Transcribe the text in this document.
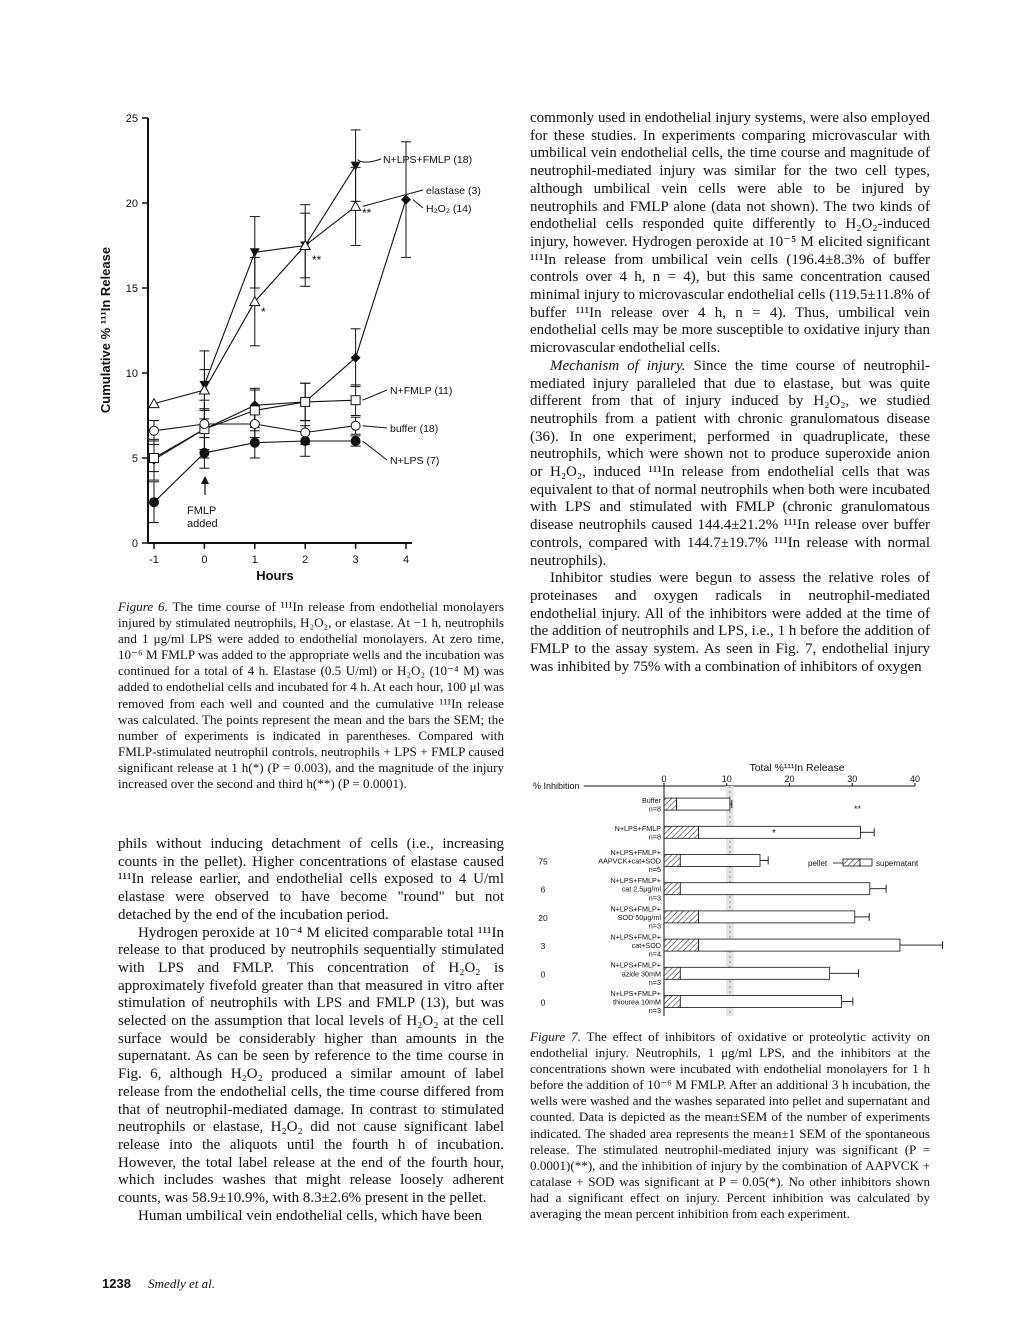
0
5
10
15
20
25
-1	0	1	2	3	4
Cumulative % ¹¹¹In Release
Hours
N+LPS+FMLP (18)
elastase (3)
H₂O₂ (14)
N+FMLP (11)
buffer (18)
N+LPS (7)
FMLP
added
*
**
**
Figure 6. The time course of ¹¹¹In release from endothelial monolayers injured by stimulated neutrophils, H₂O₂, or elastase. At −1 h, neutrophils and 1 μg/ml LPS were added to endothelial monolayers. At zero time, 10⁻⁶ M FMLP was added to the appropriate wells and the incubation was continued for a total of 4 h. Elastase (0.5 U/ml) or H₂O₂ (10⁻⁴ M) was added to endothelial cells and incubated for 4 h. At each hour, 100 μl was removed from each well and counted and the cumulative ¹¹¹In release was calculated. The points represent the mean and the bars the SEM; the number of experiments is indicated in parentheses. Compared with FMLP-stimulated neutrophil controls, neutrophils + LPS + FMLP caused significant release at 1 h(*) (P = 0.003), and the magnitude of the injury increased over the second and third h(**) (P = 0.0001).

phils without inducing detachment of cells (i.e., increasing counts in the pellet). Higher concentrations of elastase caused ¹¹¹In release earlier, and endothelial cells exposed to 4 U/ml elastase were observed to have become "round" but not detached by the end of the incubation period.

Hydrogen peroxide at 10⁻⁴ M elicited comparable total ¹¹¹In release to that produced by neutrophils sequentially stimulated with LPS and FMLP. This concentration of H₂O₂ is approximately fivefold greater than that measured in vitro after stimulation of neutrophils with LPS and FMLP (13), but was selected on the assumption that local levels of H₂O₂ at the cell surface would be considerably higher than amounts in the supernatant. As can be seen by reference to the time course in Fig. 6, although H₂O₂ produced a similar amount of label release from the endothelial cells, the time course differed from that of neutrophil-mediated damage. In contrast to stimulated neutrophils or elastase, H₂O₂ did not cause significant label release into the aliquots until the fourth h of incubation. However, the total label release at the end of the fourth hour, which includes washes that might release loosely adherent counts, was 58.9±10.9%, with 8.3±2.6% present in the pellet.

Human umbilical vein endothelial cells, which have been

commonly used in endothelial injury systems, were also employed for these studies. In experiments comparing microvascular with umbilical vein endothelial cells, the time course and magnitude of neutrophil-mediated injury was similar for the two cell types, although umbilical vein cells were able to be injured by neutrophils and FMLP alone (data not shown). The two kinds of endothelial cells responded quite differently to H₂O₂-induced injury, however. Hydrogen peroxide at 10⁻⁵ M elicited significant ¹¹¹In release from umbilical vein cells (196.4±8.3% of buffer controls over 4 h, n = 4), but this same concentration caused minimal injury to microvascular endothelial cells (119.5±11.8% of buffer ¹¹¹In release over 4 h, n = 4). Thus, umbilical vein endothelial cells may be more susceptible to oxidative injury than microvascular endothelial cells.

Mechanism of injury. Since the time course of neutrophil-mediated injury paralleled that due to elastase, but was quite different from that of injury induced by H₂O₂, we studied neutrophils from a patient with chronic granulomatous disease (36). In one experiment, performed in quadruplicate, these neutrophils, which were shown not to produce superoxide anion or H₂O₂, induced ¹¹¹In release from endothelial cells that was equivalent to that of normal neutrophils when both were incubated with LPS and stimulated with FMLP (chronic granulomatous disease neutrophils caused 144.4±21.2% ¹¹¹In release over buffer controls, compared with 144.7±19.7% ¹¹¹In release with normal neutrophils).

Inhibitor studies were begun to assess the relative roles of proteinases and oxygen radicals in neutrophil-mediated endothelial injury. All of the inhibitors were added at the time of the addition of neutrophils and LPS, i.e., 1 h before the addition of FMLP to the assay system. As seen in Fig. 7, endothelial injury was inhibited by 75% with a combination of inhibitors of oxygen

Total %¹¹¹In Release
% Inhibition
0	10	20	30	40
Buffer
n=8
N+LPS+FMLP
n=8
N+LPS+FMLP+
AAPVCK+cat+SOD
n=5
75
N+LPS+FMLP+
cat 2.5μg/ml
n=3
6
N+LPS+FMLP+
SOD 50μg/ml
n=3
20
N+LPS+FMLP+
cat+SOD
n=4
3
N+LPS+FMLP+
azide 30mM
n=3
0
N+LPS+FMLP+
thiourea 10mM
n=3
0
pellet	supernatant
**
*
Figure 7. The effect of inhibitors of oxidative or proteolytic activity on endothelial injury. Neutrophils, 1 μg/ml LPS, and the inhibitors at the concentrations shown were incubated with endothelial monolayers for 1 h before the addition of 10⁻⁶ M FMLP. After an additional 3 h incubation, the wells were washed and the washes separated into pellet and supernatant and counted. Data is depicted as the mean±SEM of the number of experiments indicated. The shaded area represents the mean±1 SEM of the spontaneous release. The stimulated neutrophil-mediated injury was significant (P = 0.0001)(**), and the inhibition of injury by the combination of AAPVCK + catalase + SOD was significant at P = 0.05(*). No other inhibitors shown had a significant effect on injury. Percent inhibition was calculated by averaging the mean percent inhibition from each experiment.
1238 Smedly et al.
